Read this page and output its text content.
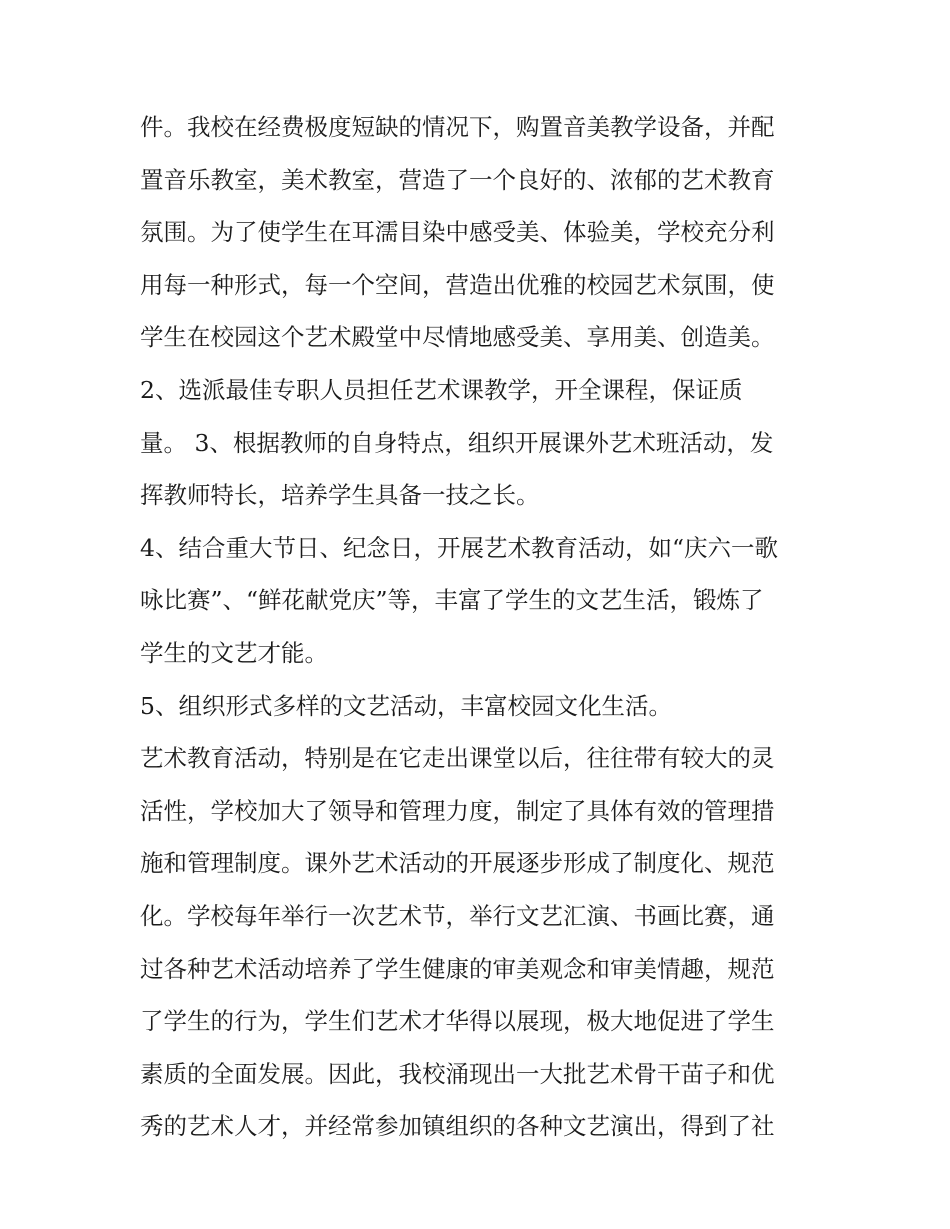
件。我校在经费极度短缺的情况下，购置音美教学设备，并配
置音乐教室，美术教室，营造了一个良好的、浓郁的艺术教育
氛围。为了使学生在耳濡目染中感受美、体验美，学校充分利
用每一种形式，每一个空间，营造出优雅的校园艺术氛围，使
学生在校园这个艺术殿堂中尽情地感受美、享用美、创造美。
2、选派最佳专职人员担任艺术课教学，开全课程，保证质
量。 3、根据教师的自身特点，组织开展课外艺术班活动，发
挥教师特长，培养学生具备一技之长。
4、结合重大节日、纪念日，开展艺术教育活动，如“庆六一歌
咏比赛”、“鲜花献党庆”等，丰富了学生的文艺生活，锻炼了
学生的文艺才能。
5、组织形式多样的文艺活动，丰富校园文化生活。
艺术教育活动，特别是在它走出课堂以后，往往带有较大的灵
活性，学校加大了领导和管理力度，制定了具体有效的管理措
施和管理制度。课外艺术活动的开展逐步形成了制度化、规范
化。学校每年举行一次艺术节，举行文艺汇演、书画比赛，通
过各种艺术活动培养了学生健康的审美观念和审美情趣，规范
了学生的行为，学生们艺术才华得以展现，极大地促进了学生
素质的全面发展。因此，我校涌现出一大批艺术骨干苗子和优
秀的艺术人才，并经常参加镇组织的各种文艺演出，得到了社
